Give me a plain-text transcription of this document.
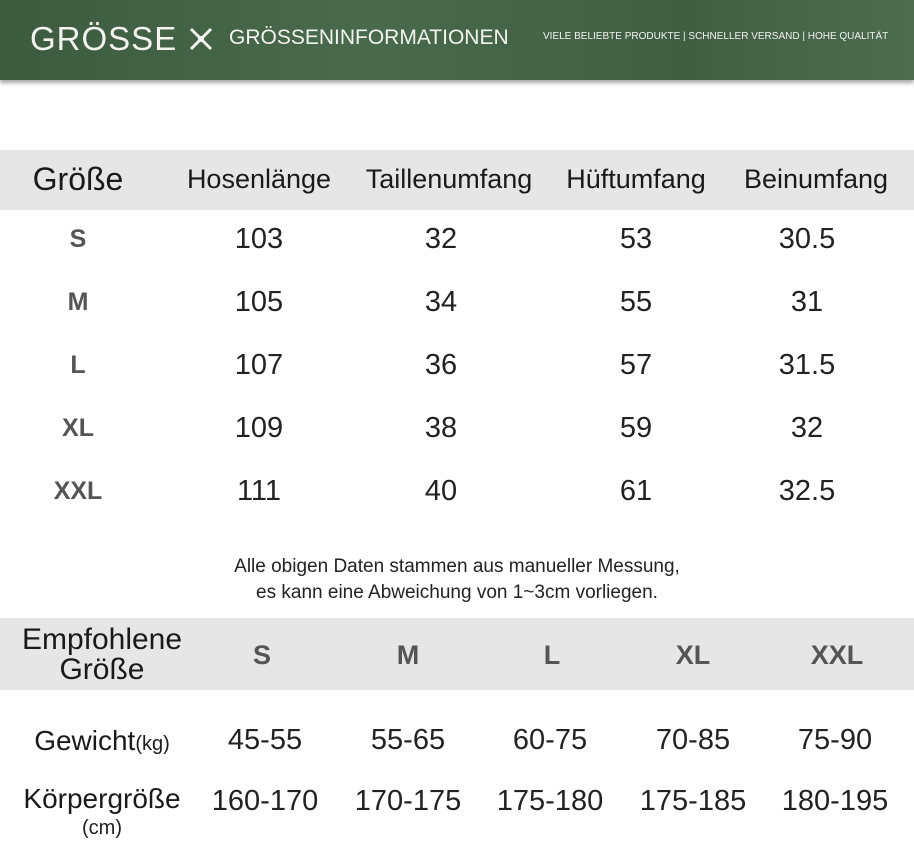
GRÖSSE GRÖSSENINFORMATIONEN	VIELE BELIEBTE PRODUKTE | SCHNELLER VERSAND | HOHE QUALITÄT
Größe Hosenlänge Taillenumfang Hüftumfang Beinumfang
S	103	32	53	30.5
M	105	34	55	31
L	107	36	57	31.5
XL	109	38	59	32
XXL	111	40	61	32.5
Alle obigen Daten stammen aus manueller Messung,
es kann eine Abweichung von 1~3cm vorliegen.
Empfohlene
Größe	S	M	L	XL	XXL
Gewicht(kg) 45-55 55-65 60-75 70-85 75-90
Körpergröße
(cm)
160-170 170-175 175-180 175-185 180-195
